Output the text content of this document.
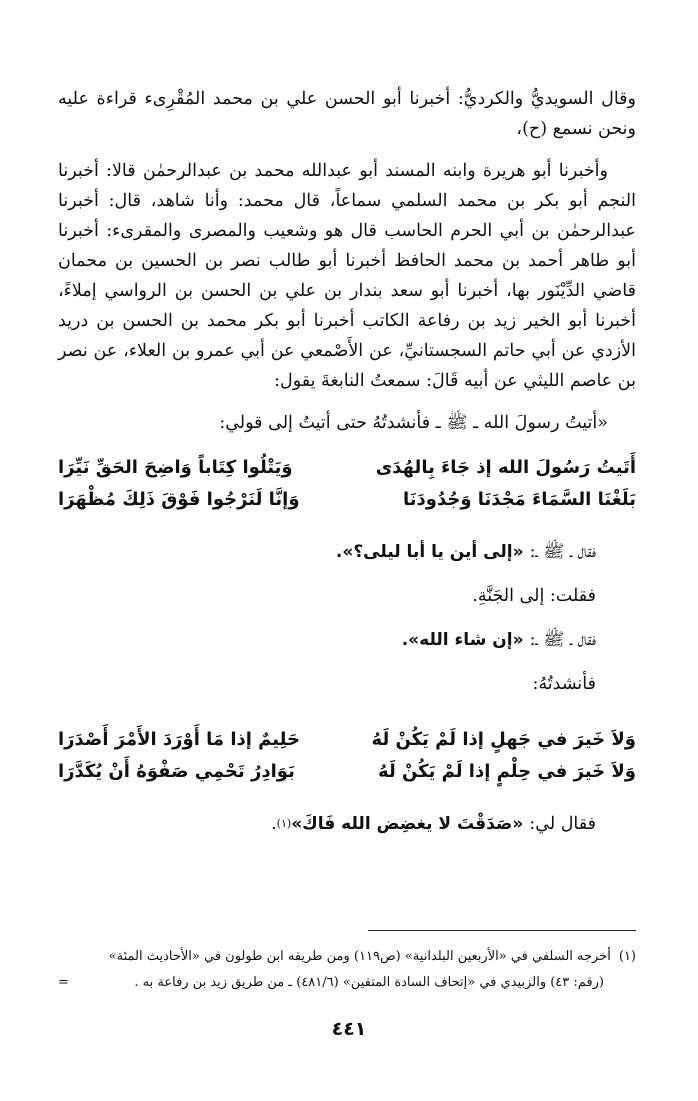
وقال السويديُّ والكرديُّ: أخبرنا أبو الحسن علي بن محمد المُقْرِىء قراءة عليه ونحن نسمع (ح)،

وأخبرنا أبو هريرة وابنه المسند أبو عبدالله محمد بن عبدالرحمٰن قالا: أخبرنا النجم أبو بكر بن محمد السلمي سماعاً، قال محمد: وأنا شاهد، قال: أخبرنا عبدالرحمٰن بن أبي الحرم الحاسب قال هو وشعيب والمصرى والمقرىء: أخبرنا أبو طاهر أحمد بن محمد الحافظ أخبرنا أبو طالب نصر بن الحسين بن محمان قاضي الدِّيْنَور بها، أخبرنا أبو سعد بندار بن علي بن الحسن بن الرواسي إملاءً، أخبرنا أبو الخير زيد بن رفاعة الكاتب أخبرنا أبو بكر محمد بن الحسن بن دريد الأزدي عن أبي حاتم السجستانيِّ، عن الأَصْمعي عن أبي عمرو بن العلاء، عن نصر بن عاصم الليثي عن أبيه قَالَ: سمعتُ النابغةَ يقول:

«أتيتُ رسولَ الله ـ ﷺ ـ فأنشدتُهُ حتى أتيتُ إلى قولي:

أَتَيتُ رَسُولَ الله إذ جَاءَ بِالهُدَى
وَيَتْلُوا كِتَاباً وَاضِحَ الحَقِّ نَيِّرَا
بَلَغْنَا السَّمَاءَ مَجْدَنَا وَجُدُودَنَا
وَإنَّا لَنَرْجُوا فَوْقَ ذَلِكَ مُظْهَرَا
فقال ـ ﷺ ـ:
«إلى أين يا أبا ليلى؟».
فقلت: إلى الجَنَّةِ.
فقال ـ ﷺ ـ:
«إن شاء الله».
فأنشدتُهُ:
وَلاَ خَيرَ في جَهلٍ إذا لَمْ يَكُنْ لَهُ
حَلِيمٌ إذا مَا أَوْرَدَ الأَمْرَ أَصْدَرَا
وَلاَ خَيرَ في حِلْمٍ إذا لَمْ يَكُنْ لَهُ
بَوَادِرُ تَحْمِي صَفْوَهُ أَنْ يُكَدَّرَا
فقال لي:
«صَدَقْتَ لا يغضِض الله فَاكَ»
(١)
.
(١)
أخرجه السلفي في «الأربعين البلدانية» (ص١١٩) ومن طريقه ابن طولون في «الأحاديث المئة»
(رقم: ٤٣) والزبيدي في «إتحاف السادة المتقين» (٤٨١/٦) ـ من طريق زيد بن رفاعة به .
=
٤٤١
